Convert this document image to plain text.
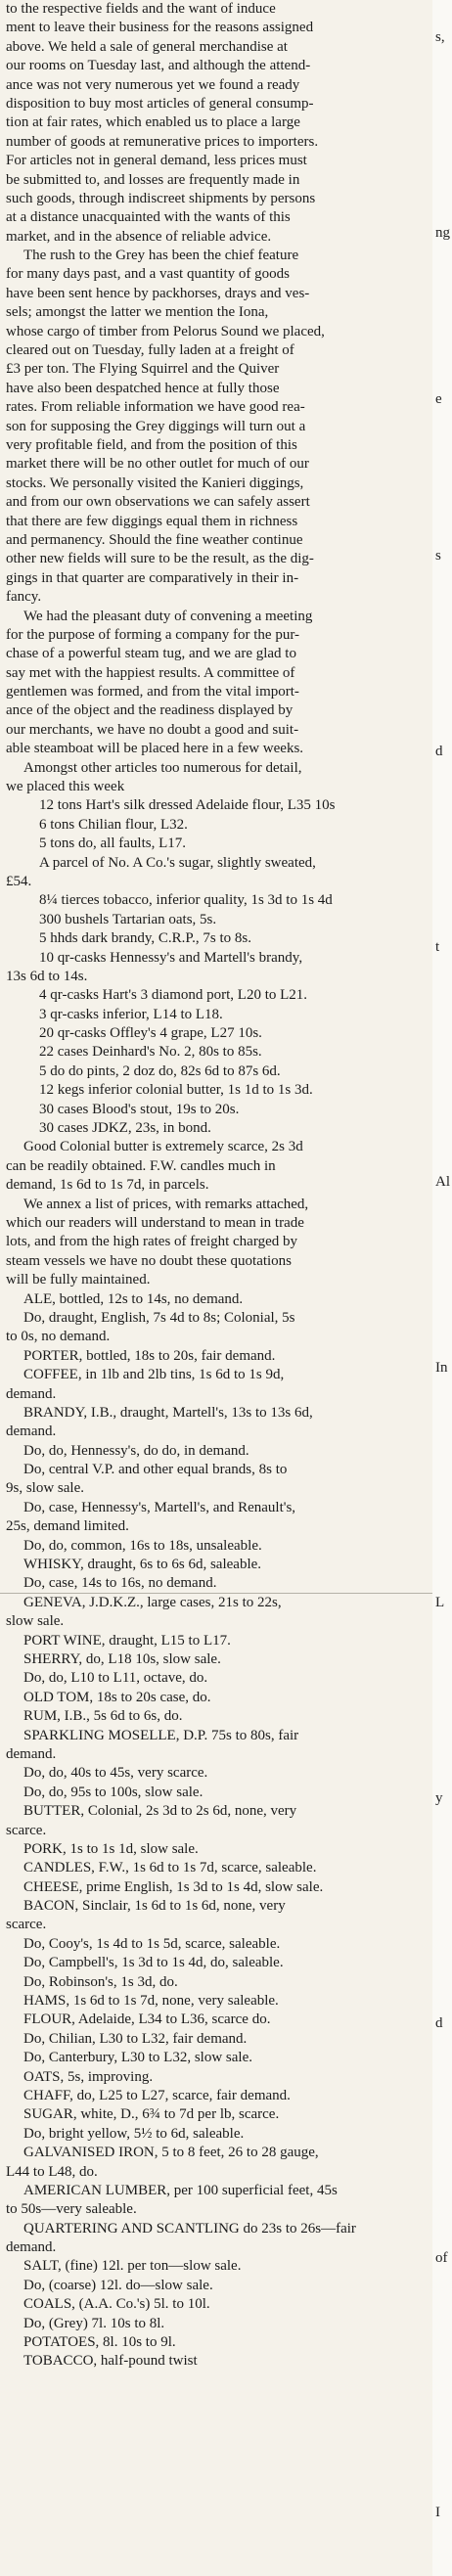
to the respective fields and the want of induce
ment to leave their business for the reasons assigned
above. We held a sale of general merchandise at
our rooms on Tuesday last, and although the attend-
ance was not very numerous yet we found a ready
disposition to buy most articles of general consump-
tion at fair rates, which enabled us to place a large
number of goods at remunerative prices to importers.
For articles not in general demand, less prices must
be submitted to, and losses are frequently made in
such goods, through indiscreet shipments by persons
at a distance unacquainted with the wants of this
market, and in the absence of reliable advice.
The rush to the Grey has been the chief feature
for many days past, and a vast quantity of goods
have been sent hence by packhorses, drays and ves-
sels; amongst the latter we mention the Iona,
whose cargo of timber from Pelorus Sound we placed,
cleared out on Tuesday, fully laden at a freight of
£3 per ton. The Flying Squirrel and the Quiver
have also been despatched hence at fully those
rates. From reliable information we have good rea-
son for supposing the Grey diggings will turn out a
very profitable field, and from the position of this
market there will be no other outlet for much of our
stocks. We personally visited the Kanieri diggings,
and from our own observations we can safely assert
that there are few diggings equal them in richness
and permanency. Should the fine weather continue
other new fields will sure to be the result, as the dig-
gings in that quarter are comparatively in their in-
fancy.
We had the pleasant duty of convening a meeting
for the purpose of forming a company for the pur-
chase of a powerful steam tug, and we are glad to
say met with the happiest results. A committee of
gentlemen was formed, and from the vital import-
ance of the object and the readiness displayed by
our merchants, we have no doubt a good and suit-
able steamboat will be placed here in a few weeks.
Amongst other articles too numerous for detail,
we placed this week
12 tons Hart's silk dressed Adelaide flour, L35 10s
6 tons Chilian flour, L32.
5 tons do, all faults, L17.
A parcel of No. A Co.'s sugar, slightly sweated,
£54.
8¼ tierces tobacco, inferior quality, 1s 3d to 1s 4d
300 bushels Tartarian oats, 5s.
5 hhds dark brandy, C.R.P., 7s to 8s.
10 qr-casks Hennessy's and Martell's brandy,
13s 6d to 14s.
4 qr-casks Hart's 3 diamond port, L20 to L21.
3 qr-casks inferior, L14 to L18.
20 qr-casks Offley's 4 grape, L27 10s.
22 cases Deinhard's No. 2, 80s to 85s.
5 do do pints, 2 doz do, 82s 6d to 87s 6d.
12 kegs inferior colonial butter, 1s 1d to 1s 3d.
30 cases Blood's stout, 19s to 20s.
30 cases JDKZ, 23s, in bond.
Good Colonial butter is extremely scarce, 2s 3d
can be readily obtained. F.W. candles much in
demand, 1s 6d to 1s 7d, in parcels.
We annex a list of prices, with remarks attached,
which our readers will understand to mean in trade
lots, and from the high rates of freight charged by
steam vessels we have no doubt these quotations
will be fully maintained.
ALE, bottled, 12s to 14s, no demand.
Do, draught, English, 7s 4d to 8s; Colonial, 5s
to 0s, no demand.
PORTER, bottled, 18s to 20s, fair demand.
COFFEE, in 1lb and 2lb tins, 1s 6d to 1s 9d,
demand.
BRANDY, I.B., draught, Martell's, 13s to 13s 6d,
demand.
Do, do, Hennessy's, do do, in demand.
Do, central V.P. and other equal brands, 8s to
9s, slow sale.
Do, case, Hennessy's, Martell's, and Renault's,
25s, demand limited.
Do, do, common, 16s to 18s, unsaleable.
WHISKY, draught, 6s to 6s 6d, saleable.
Do, case, 14s to 16s, no demand.
GENEVA, J.D.K.Z., large cases, 21s to 22s,
slow sale.
PORT WINE, draught, L15 to L17.
SHERRY, do, L18 10s, slow sale.
Do, do, L10 to L11, octave, do.
OLD TOM, 18s to 20s case, do.
RUM, I.B., 5s 6d to 6s, do.
SPARKLING MOSELLE, D.P. 75s to 80s, fair
demand.
Do, do, 40s to 45s, very scarce.
Do, do, 95s to 100s, slow sale.
BUTTER, Colonial, 2s 3d to 2s 6d, none, very
scarce.
PORK, 1s to 1s 1d, slow sale.
CANDLES, F.W., 1s 6d to 1s 7d, scarce, saleable.
CHEESE, prime English, 1s 3d to 1s 4d, slow sale.
BACON, Sinclair, 1s 6d to 1s 6d, none, very
scarce.
Do, Cooy's, 1s 4d to 1s 5d, scarce, saleable.
Do, Campbell's, 1s 3d to 1s 4d, do, saleable.
Do, Robinson's, 1s 3d, do.
HAMS, 1s 6d to 1s 7d, none, very saleable.
FLOUR, Adelaide, L34 to L36, scarce do.
Do, Chilian, L30 to L32, fair demand.
Do, Canterbury, L30 to L32, slow sale.
OATS, 5s, improving.
CHAFF, do, L25 to L27, scarce, fair demand.
SUGAR, white, D., 6¾ to 7d per lb, scarce.
Do, bright yellow, 5½ to 6d, saleable.
GALVANISED IRON, 5 to 8 feet, 26 to 28 gauge,
L44 to L48, do.
AMERICAN LUMBER, per 100 superficial feet, 45s
to 50s—very saleable.
QUARTERING AND SCANTLING do 23s to 26s—fair
demand.
SALT, (fine) 12l. per ton—slow sale.
Do, (coarse) 12l. do—slow sale.
COALS, (A.A. Co.'s) 5l. to 10l.
Do, (Grey) 7l. 10s to 8l.
POTATOES, 8l. 10s to 9l.
TOBACCO, half-pound twist
s,
ng
e
s
d
t
Al
In
L
y
d
of
I
